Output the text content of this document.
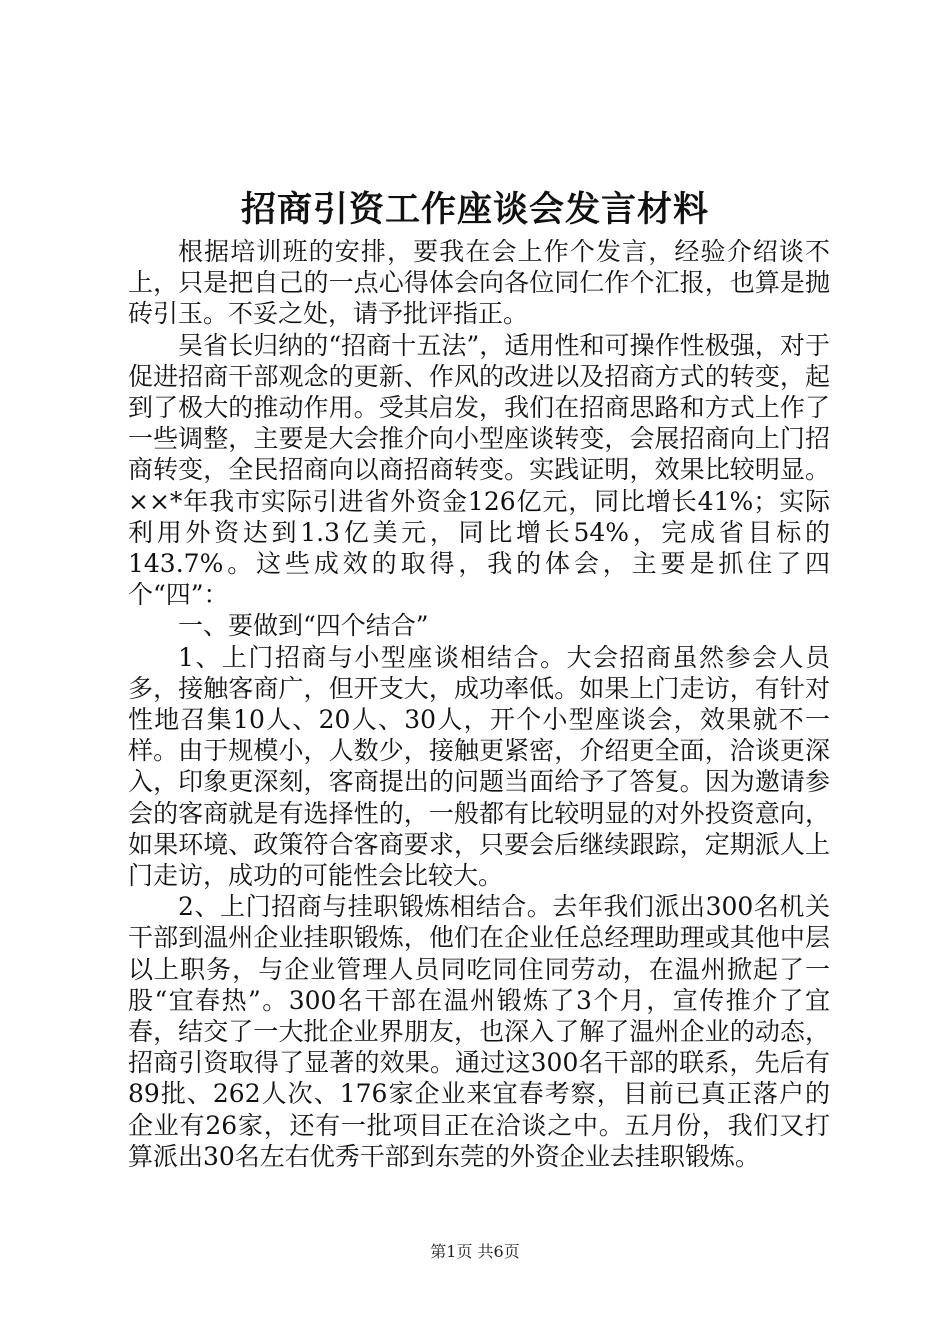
招商引资工作座谈会发言材料

根据培训班的安排，要我在会上作个发言，经验介绍谈不上，只是把自己的一点心得体会向各位同仁作个汇报，也算是抛砖引玉。不妥之处，请予批评指正。

吴省长归纳的“招商十五法”，适用性和可操作性极强，对于促进招商干部观念的更新、作风的改进以及招商方式的转变，起到了极大的推动作用。受其启发，我们在招商思路和方式上作了一些调整，主要是大会推介向小型座谈转变，会展招商向上门招商转变，全民招商向以商招商转变。实践证明，效果比较明显。××*年我市实际引进省外资金126亿元，同比增长41%；实际利用外资达到1.3亿美元，同比增长54%，完成省目标的143.7%。这些成效的取得，我的体会，主要是抓住了四个“四”：

一、要做到“四个结合”

1、上门招商与小型座谈相结合。大会招商虽然参会人员多，接触客商广，但开支大，成功率低。如果上门走访，有针对性地召集10人、20人、30人，开个小型座谈会，效果就不一样。由于规模小，人数少，接触更紧密，介绍更全面，洽谈更深入，印象更深刻，客商提出的问题当面给予了答复。因为邀请参会的客商就是有选择性的，一般都有比较明显的对外投资意向，如果环境、政策符合客商要求，只要会后继续跟踪，定期派人上门走访，成功的可能性会比较大。

2、上门招商与挂职锻炼相结合。去年我们派出300名机关干部到温州企业挂职锻炼，他们在企业任总经理助理或其他中层以上职务，与企业管理人员同吃同住同劳动，在温州掀起了一股“宜春热”。300名干部在温州锻炼了3个月，宣传推介了宜春，结交了一大批企业界朋友，也深入了解了温州企业的动态，招商引资取得了显著的效果。通过这300名干部的联系，先后有89批、262人次、176家企业来宜春考察，目前已真正落户的企业有26家，还有一批项目正在洽谈之中。五月份，我们又打算派出30名左右优秀干部到东莞的外资企业去挂职锻炼。

第1页 共6页
